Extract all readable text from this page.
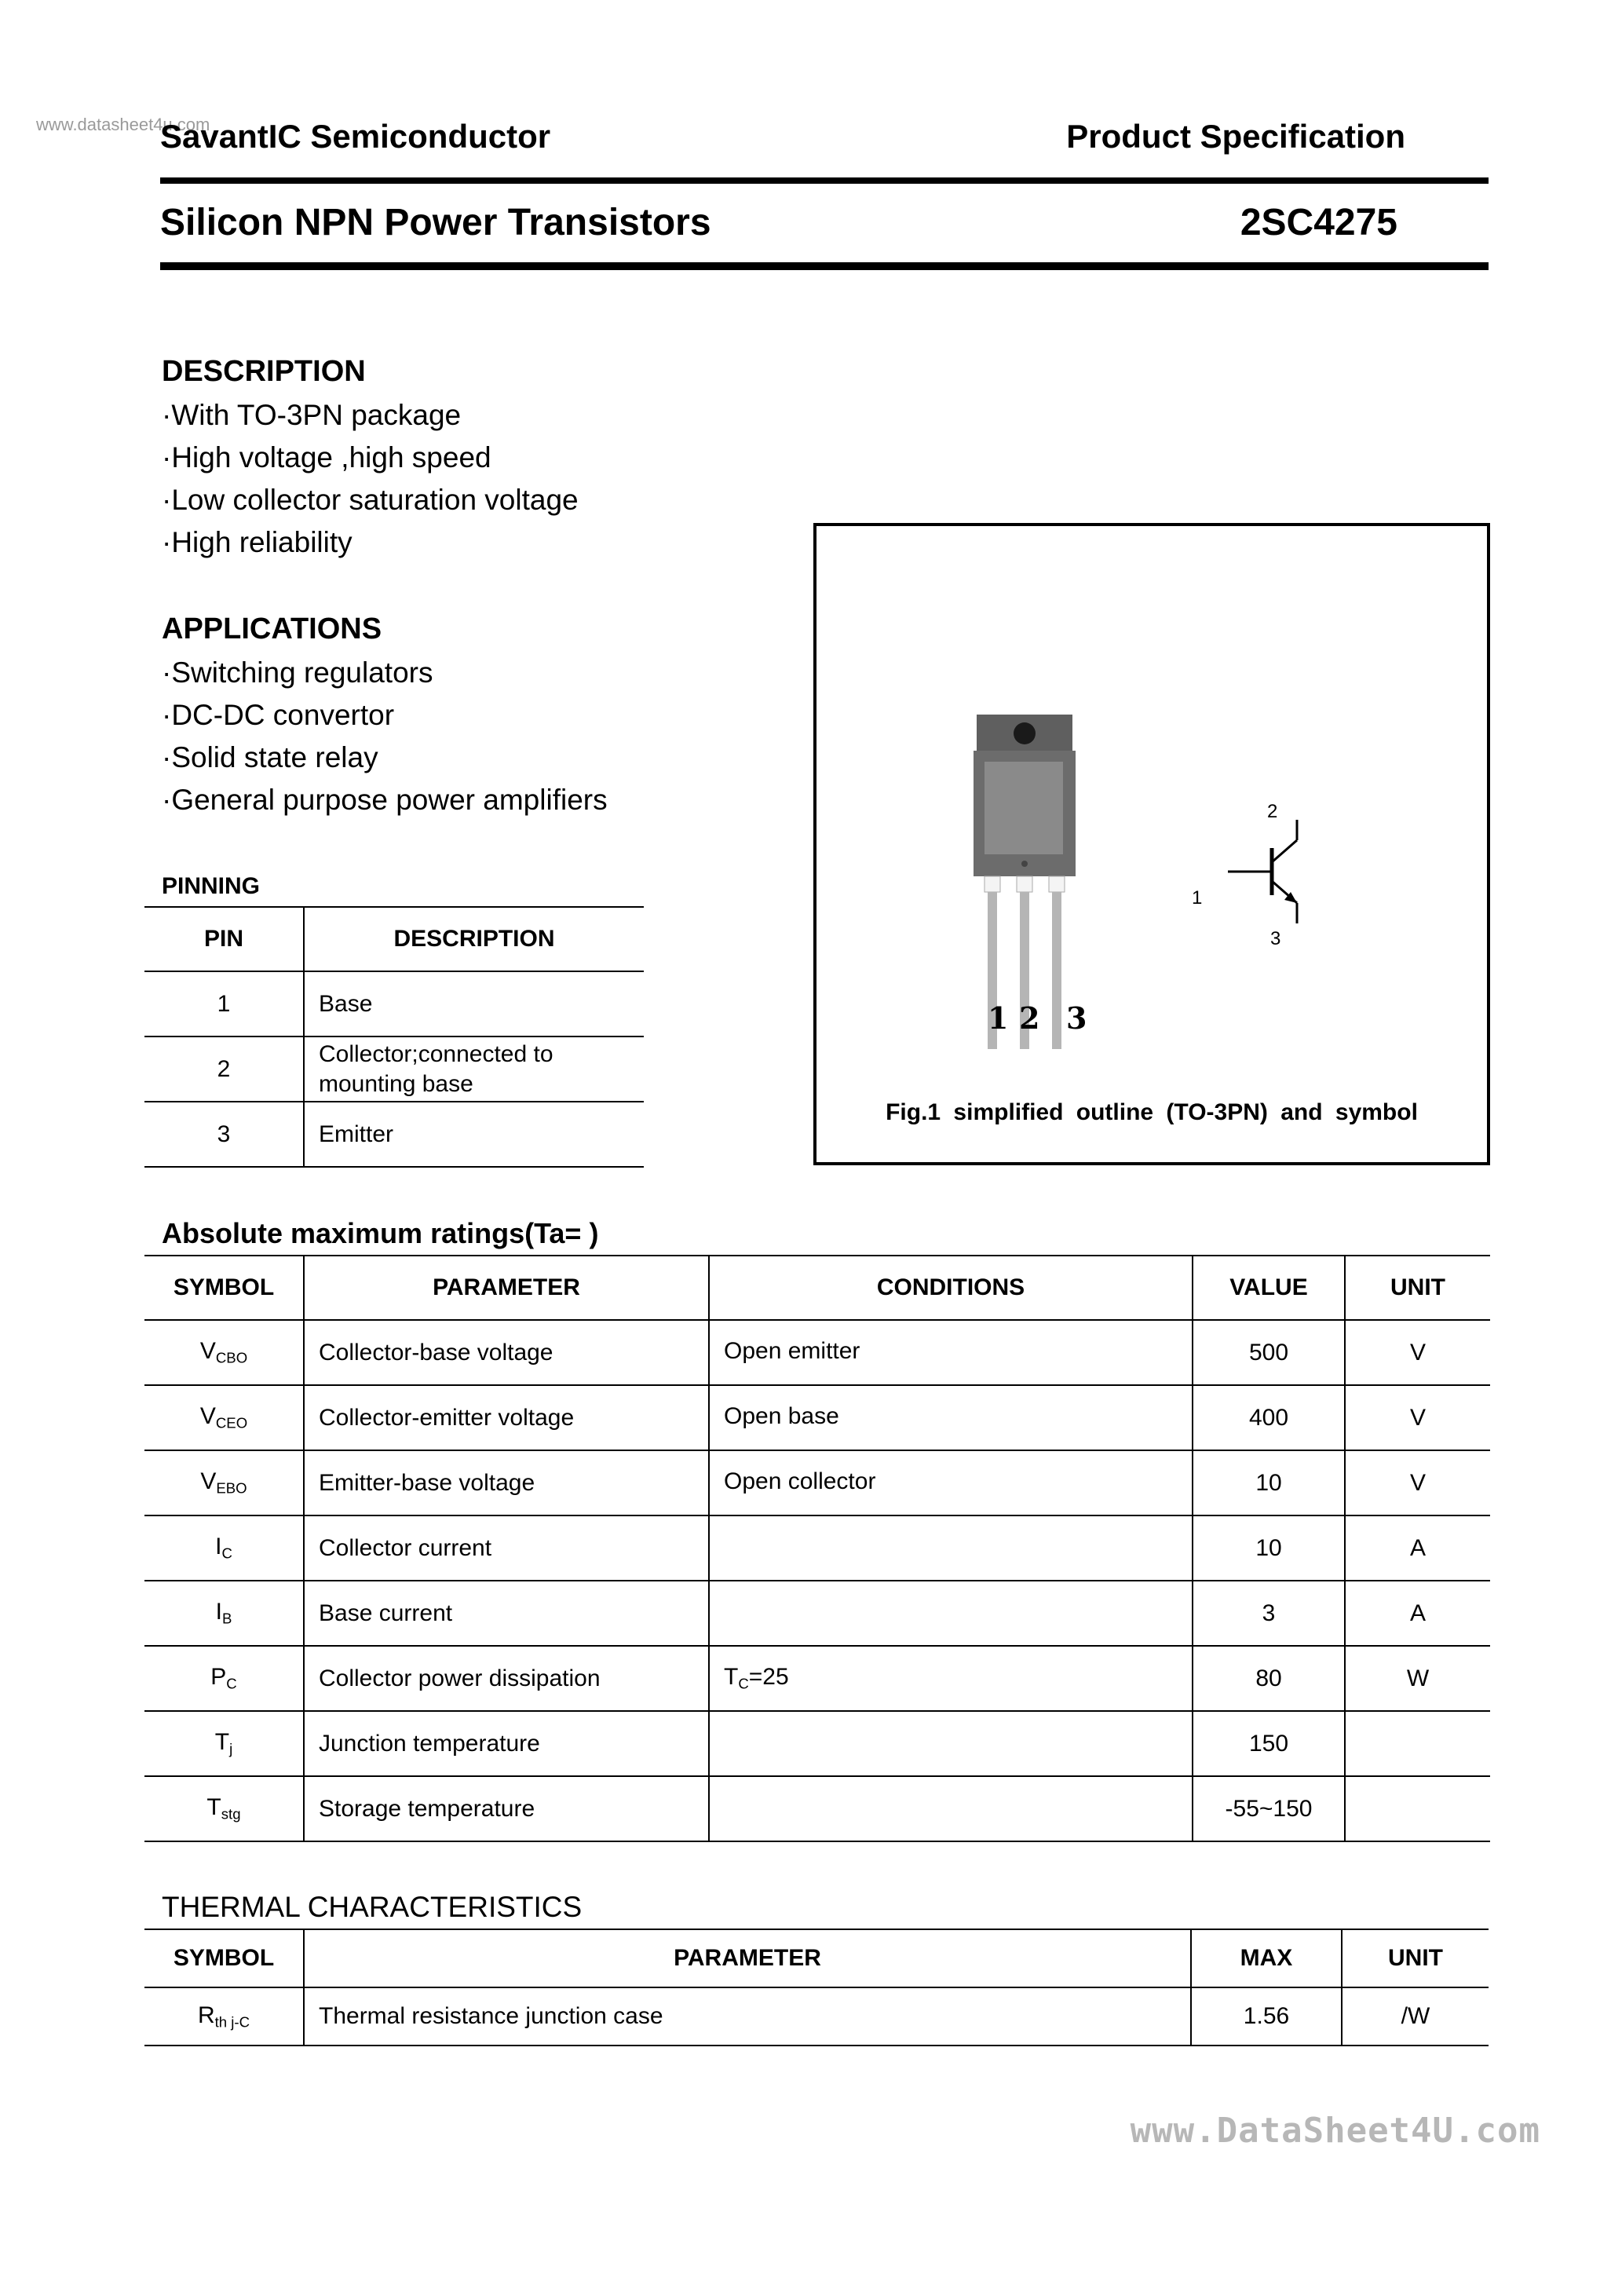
www.datasheet4u.com
SavantIC Semiconductor	Product Specification
Silicon NPN Power Transistors	2SC4275
DESCRIPTION
·With TO-3PN package
·High voltage ,high speed
·Low collector saturation voltage
·High reliability
APPLICATIONS
·Switching regulators
·DC-DC convertor
·Solid state relay
·General purpose power amplifiers
PINNING
PIN	DESCRIPTION
1	Base
2	Collector;connected to mounting base
3	Emitter
1 2 3
1
2
3
Fig.1 simplified outline (TO-3PN) and symbol
Absolute maximum ratings(Ta= )
SYMBOL	PARAMETER	CONDITIONS	VALUE	UNIT
$V_{CBO}$	Collector-base voltage	Open emitter	500	V
$V_{CEO}$	Collector-emitter voltage	Open base	400	V
$V_{EBO}$	Emitter-base voltage	Open collector	10	V
$I_C$	Collector current		10	A
$I_B$	Base current		3	A
$P_C$	Collector power dissipation	$T_C=25$	80	W
$T_j$	Junction temperature		150	
$T_{stg}$	Storage temperature		-55~150	
THERMAL CHARACTERISTICS
SYMBOL	PARAMETER	MAX	UNIT
$R_{th j-C}$	Thermal resistance junction case	1.56	/W
www.DataSheet4U.com
